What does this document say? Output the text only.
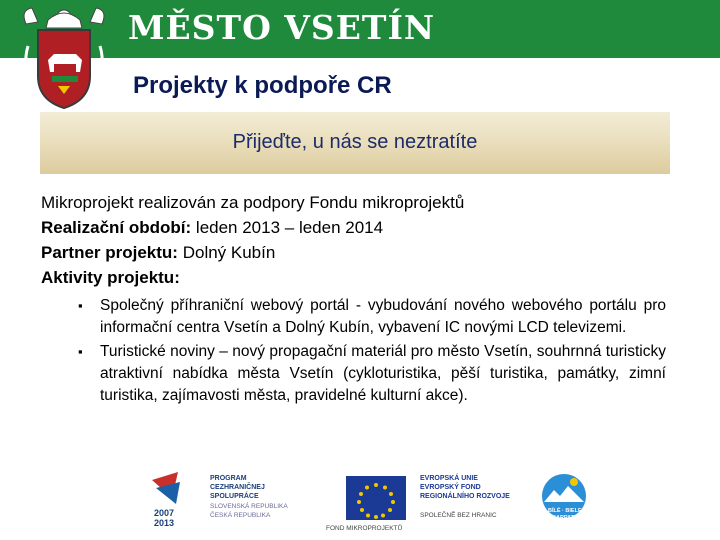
MĚSTO VSETÍN
Projekty k podpoře CR
Přijeďte, u nás se neztratíte

Mikroprojekt realizován za podpory Fondu mikroprojektů

Realizační období: leden 2013 – leden 2014

Partner projektu: Dolný Kubín

Aktivity projektu:

▪ Společný příhraniční webový portál - vybudování nového webového portálu pro informační centra Vsetín a Dolný Kubín, vybavení IC novými LCD televizemi.
▪ Turistické noviny – nový propagační materiál pro město Vsetín, souhrnná turisticky atraktivní nabídka města Vsetín (cykloturistika, pěší turistika, památky, zimní turistika, zajímavosti města, pravidelné kulturní akce).
2007
2013
PROGRAM
CEZHRANIČNEJ
SPOLUPRÁCE
SLOVENSKÁ REPUBLIKA
ČESKÁ REPUBLIKA
EVROPSKÁ UNIE
EVROPSKÝ FOND
REGIONÁLNÍHO ROZVOJE
SPOLEČNĚ BEZ HRANIC
FOND MIKROPROJEKTŮ
BÍLÉ · BIELE
KARPATY
